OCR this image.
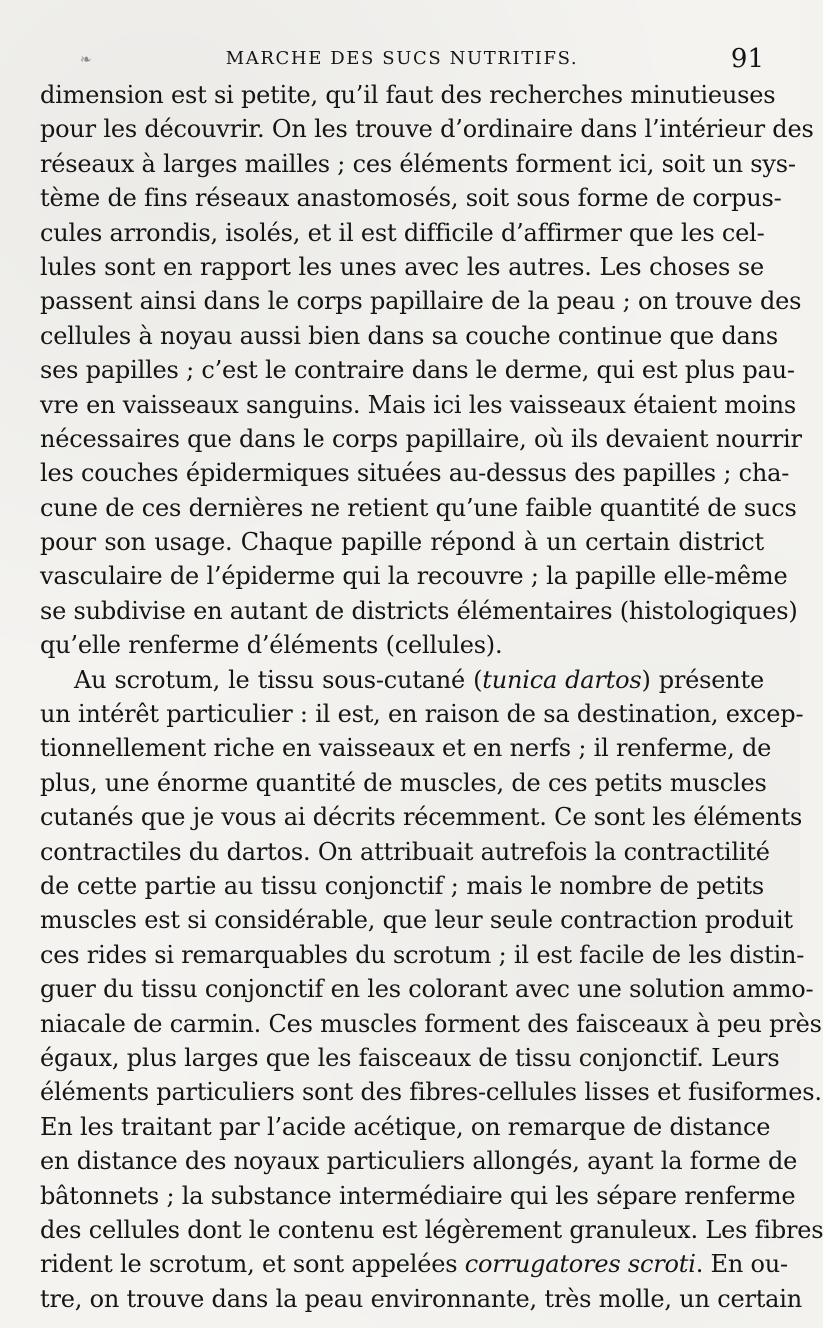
❧	MARCHE DES SUCS NUTRITIFS.	91
dimension est si petite, qu’il faut des recherches minutieuses
pour les découvrir. On les trouve d’ordinaire dans l’intérieur des
réseaux à larges mailles ; ces éléments forment ici, soit un sys-
tème de fins réseaux anastomosés, soit sous forme de corpus-
cules arrondis, isolés, et il est difficile d’affirmer que les cel-
lules sont en rapport les unes avec les autres. Les choses se
passent ainsi dans le corps papillaire de la peau ; on trouve des
cellules à noyau aussi bien dans sa couche continue que dans
ses papilles ; c’est le contraire dans le derme, qui est plus pau-
vre en vaisseaux sanguins. Mais ici les vaisseaux étaient moins
nécessaires que dans le corps papillaire, où ils devaient nourrir
les couches épidermiques situées au-dessus des papilles ; cha-
cune de ces dernières ne retient qu’une faible quantité de sucs
pour son usage. Chaque papille répond à un certain district
vasculaire de l’épiderme qui la recouvre ; la papille elle-même
se subdivise en autant de districts élémentaires (histologiques)
qu’elle renferme d’éléments (cellules).
Au scrotum, le tissu sous-cutané (tunica dartos) présente
un intérêt particulier : il est, en raison de sa destination, excep-
tionnellement riche en vaisseaux et en nerfs ; il renferme, de
plus, une énorme quantité de muscles, de ces petits muscles
cutanés que je vous ai décrits récemment. Ce sont les éléments
contractiles du dartos. On attribuait autrefois la contractilité
de cette partie au tissu conjonctif ; mais le nombre de petits
muscles est si considérable, que leur seule contraction produit
ces rides si remarquables du scrotum ; il est facile de les distin-
guer du tissu conjonctif en les colorant avec une solution ammo-
niacale de carmin. Ces muscles forment des faisceaux à peu près
égaux, plus larges que les faisceaux de tissu conjonctif. Leurs
éléments particuliers sont des fibres-cellules lisses et fusiformes.
En les traitant par l’acide acétique, on remarque de distance
en distance des noyaux particuliers allongés, ayant la forme de
bâtonnets ; la substance intermédiaire qui les sépare renferme
des cellules dont le contenu est légèrement granuleux. Les fibres
rident le scrotum, et sont appelées corrugatores scroti. En ou-
tre, on trouve dans la peau environnante, très molle, un certain
